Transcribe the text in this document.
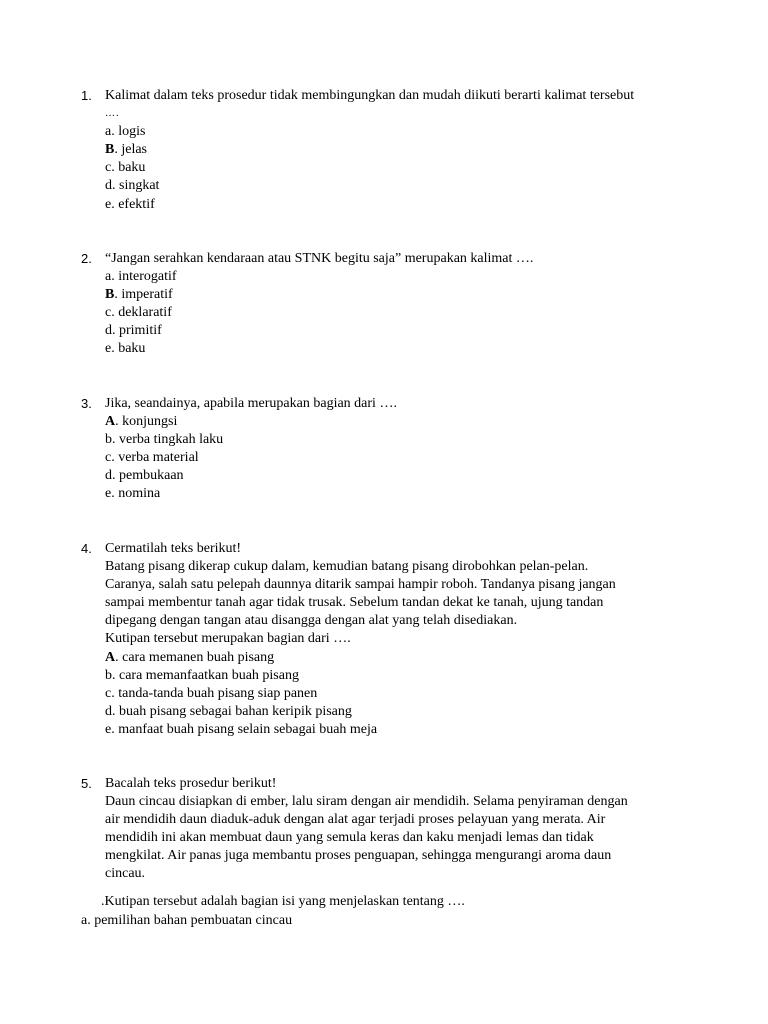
1. Kalimat dalam teks prosedur tidak membingungkan dan mudah diikuti berarti kalimat tersebut
….
a. logis
B. jelas
c. baku
d. singkat
e. efektif
2. “Jangan serahkan kendaraan atau STNK begitu saja” merupakan kalimat ….
a. interogatif
B. imperatif
c. deklaratif
d. primitif
e. baku
3. Jika, seandainya, apabila merupakan bagian dari ….
A. konjungsi
b. verba tingkah laku
c. verba material
d. pembukaan
e. nomina
4. Cermatilah teks berikut!
Batang pisang dikerap cukup dalam, kemudian batang pisang dirobohkan pelan-pelan.
Caranya, salah satu pelepah daunnya ditarik sampai hampir roboh. Tandanya pisang jangan
sampai membentur tanah agar tidak trusak. Sebelum tandan dekat ke tanah, ujung tandan
dipegang dengan tangan atau disangga dengan alat yang telah disediakan.
Kutipan tersebut merupakan bagian dari ….
A. cara memanen buah pisang
b. cara memanfaatkan buah pisang
c. tanda-tanda buah pisang siap panen
d. buah pisang sebagai bahan keripik pisang
e. manfaat buah pisang selain sebagai buah meja
5. Bacalah teks prosedur berikut!
Daun cincau disiapkan di ember, lalu siram dengan air mendidih. Selama penyiraman dengan
air mendidih daun diaduk-aduk dengan alat agar terjadi proses pelayuan yang merata. Air
mendidih ini akan membuat daun yang semula keras dan kaku menjadi lemas dan tidak
mengkilat. Air panas juga membantu proses penguapan, sehingga mengurangi aroma daun
cincau.
.Kutipan tersebut adalah bagian isi yang menjelaskan tentang ….
a. pemilihan bahan pembuatan cincau
